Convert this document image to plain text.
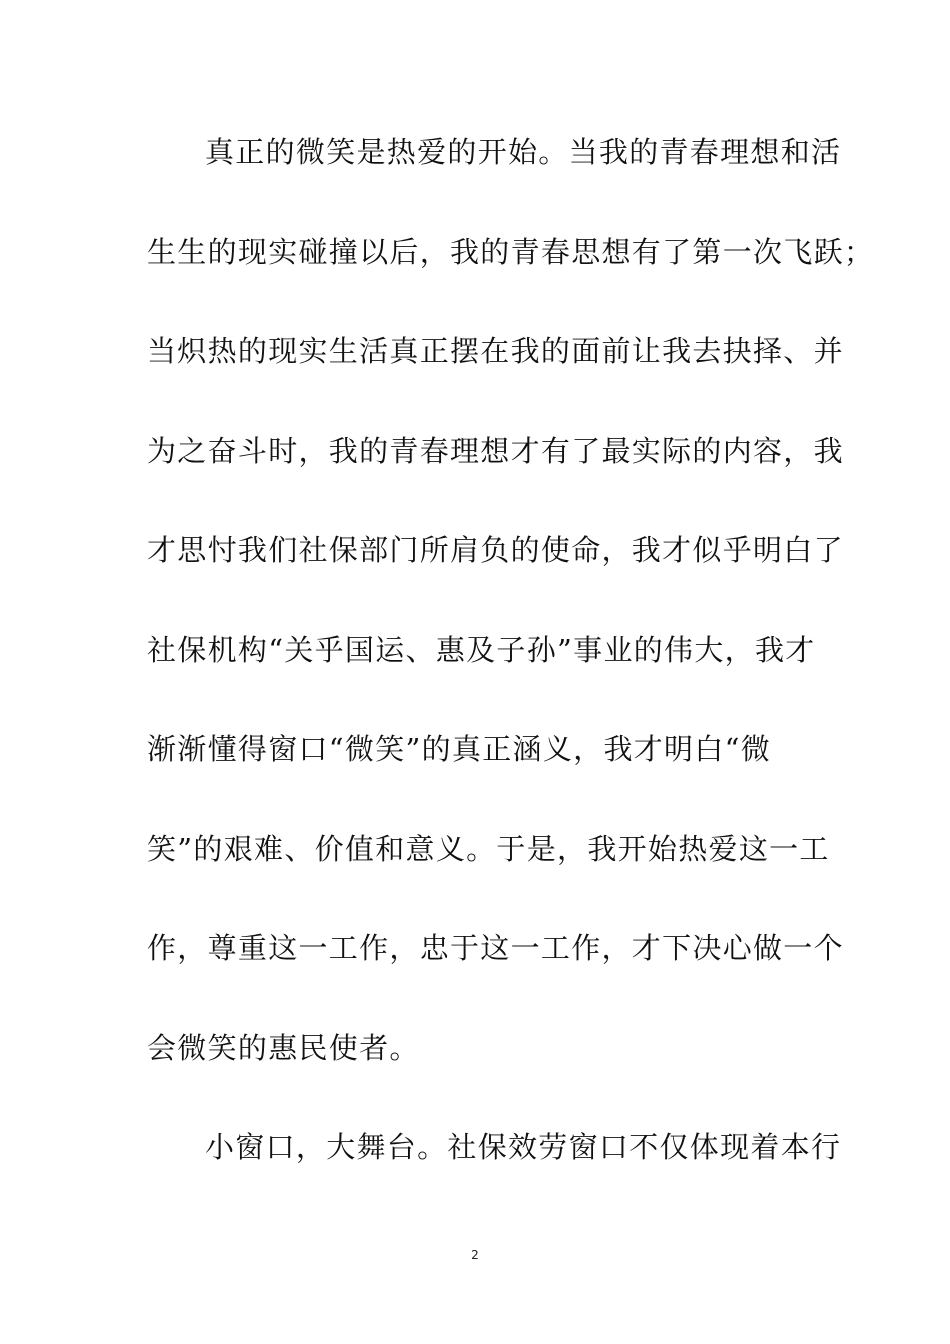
真正的微笑是热爱的开始。当我的青春理想和活
生生的现实碰撞以后，我的青春思想有了第一次飞跃；
当炽热的现实生活真正摆在我的面前让我去抉择、并
为之奋斗时，我的青春理想才有了最实际的内容，我
才思忖我们社保部门所肩负的使命，我才似乎明白了
社保机构“关乎国运、惠及子孙”事业的伟大，我才
渐渐懂得窗口“微笑”的真正涵义，我才明白“微
笑”的艰难、价值和意义。于是，我开始热爱这一工
作，尊重这一工作，忠于这一工作，才下决心做一个
会微笑的惠民使者。
小窗口，大舞台。社保效劳窗口不仅体现着本行
2
